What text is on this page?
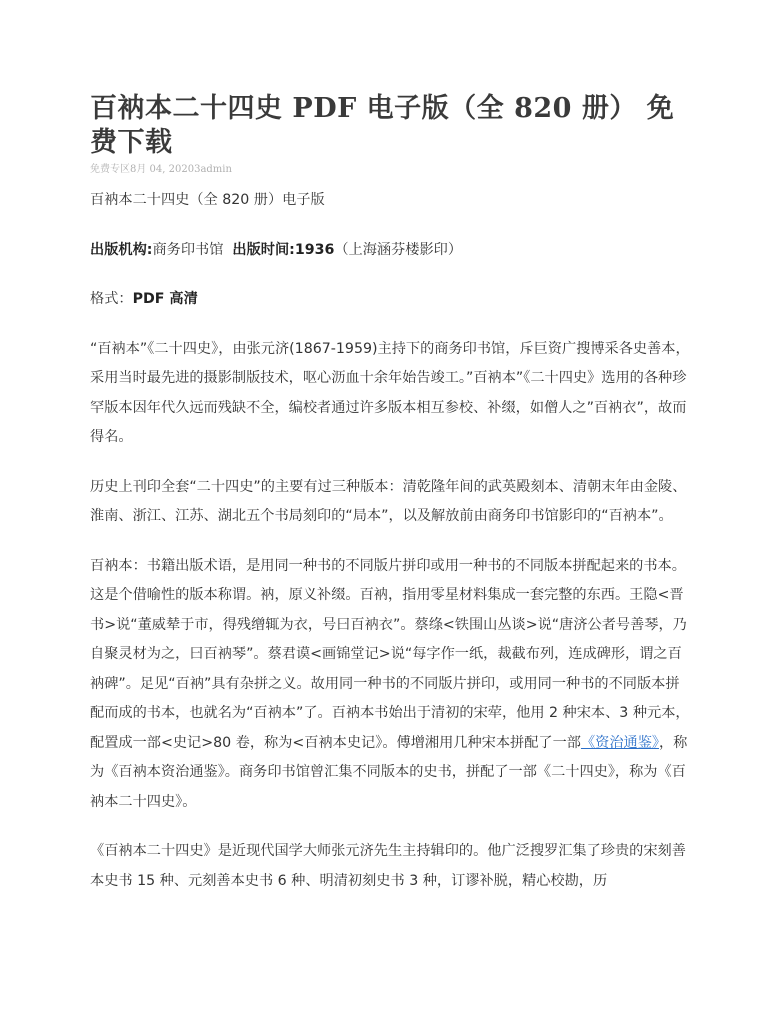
百衲本二十四史 PDF 电子版（全 820 册） 免费下载
免费专区8月 04, 20203admin

百衲本二十四史（全 820 册）电子版

出版机构:商务印书馆 出版时间:1936（上海涵芬楼影印）

格式：PDF 高清

“百衲本”《二十四史》，由张元济(1867-1959)主持下的商务印书馆，斥巨资广搜博采各史善本，采用当时最先进的摄影制版技术，呕心沥血十余年始告竣工。”百衲本”《二十四史》选用的各种珍罕版本因年代久远而残缺不全，编校者通过许多版本相互参校、补缀，如僧人之”百衲衣”，故而得名。

历史上刊印全套“二十四史”的主要有过三种版本：清乾隆年间的武英殿刻本、清朝末年由金陵、淮南、浙江、江苏、湖北五个书局刻印的“局本”，以及解放前由商务印书馆影印的“百衲本”。

百衲本：书籍出版术语，是用同一种书的不同版片拼印或用一种书的不同版本拼配起来的书本。这是个借喻性的版本称谓。衲，原义补缀。百衲，指用零星材料集成一套完整的东西。王隐<晋书>说“董威辇于市，得残缯辄为衣，号曰百衲衣”。蔡绦<铁围山丛谈>说“唐济公者号善琴，乃自聚灵材为之，曰百衲琴”。蔡君谟<画锦堂记>说“每字作一纸，裁截布列，连成碑形，谓之百衲碑”。足见“百衲”具有杂拼之义。故用同一种书的不同版片拼印，或用同一种书的不同版本拼配而成的书本，也就名为“百衲本”了。百衲本书始出于清初的宋荦，他用 2 种宋本、3 种元本，配置成一部<史记>80 卷，称为<百衲本史记》。傅增湘用几种宋本拼配了一部《资治通鉴》，称为《百衲本资治通鉴》。商务印书馆曾汇集不同版本的史书，拼配了一部《二十四史》，称为《百衲本二十四史》。

《百衲本二十四史》是近现代国学大师张元济先生主持辑印的。他广泛搜罗汇集了珍贵的宋刻善本史书 15 种、元刻善本史书 6 种、明清初刻史书 3 种，订谬补脱，精心校勘，历
